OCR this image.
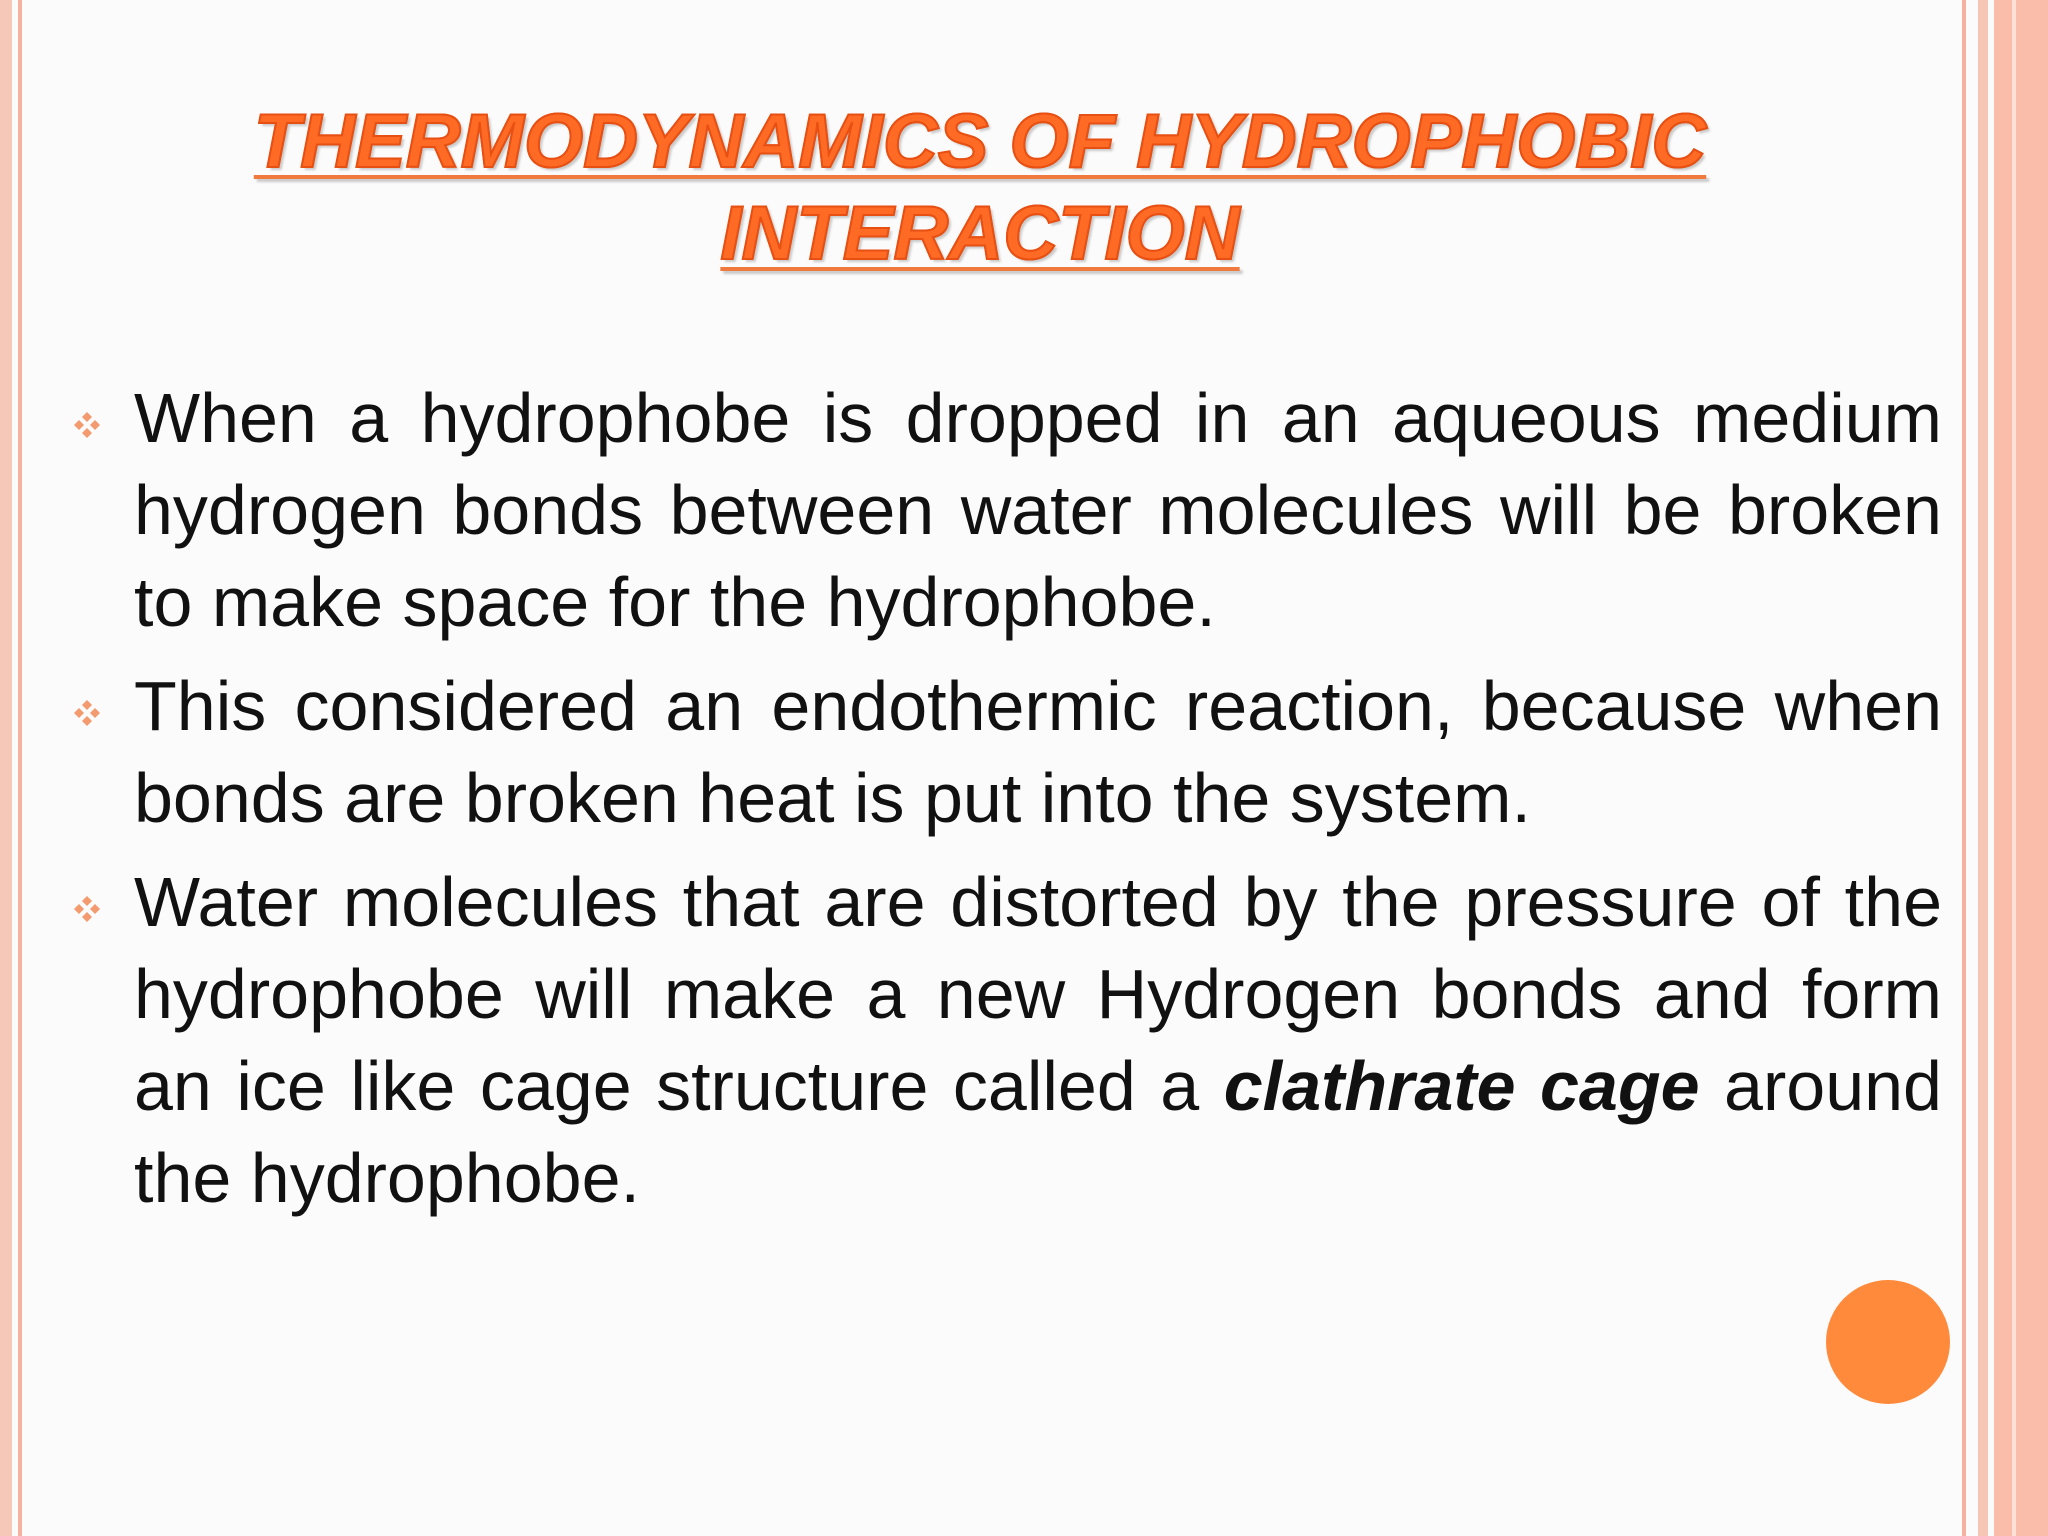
THERMODYNAMICS OF HYDROPHOBIC
INTERACTION
When a hydrophobe is dropped in an aqueous medium hydrogen bonds between water molecules will be broken to make space for the hydrophobe.
This considered an endothermic reaction, because when bonds are broken heat is put into the system.
Water molecules that are distorted by the pressure of the hydrophobe will make a new Hydrogen bonds and form an ice like cage structure called a clathrate cage around the hydrophobe.
